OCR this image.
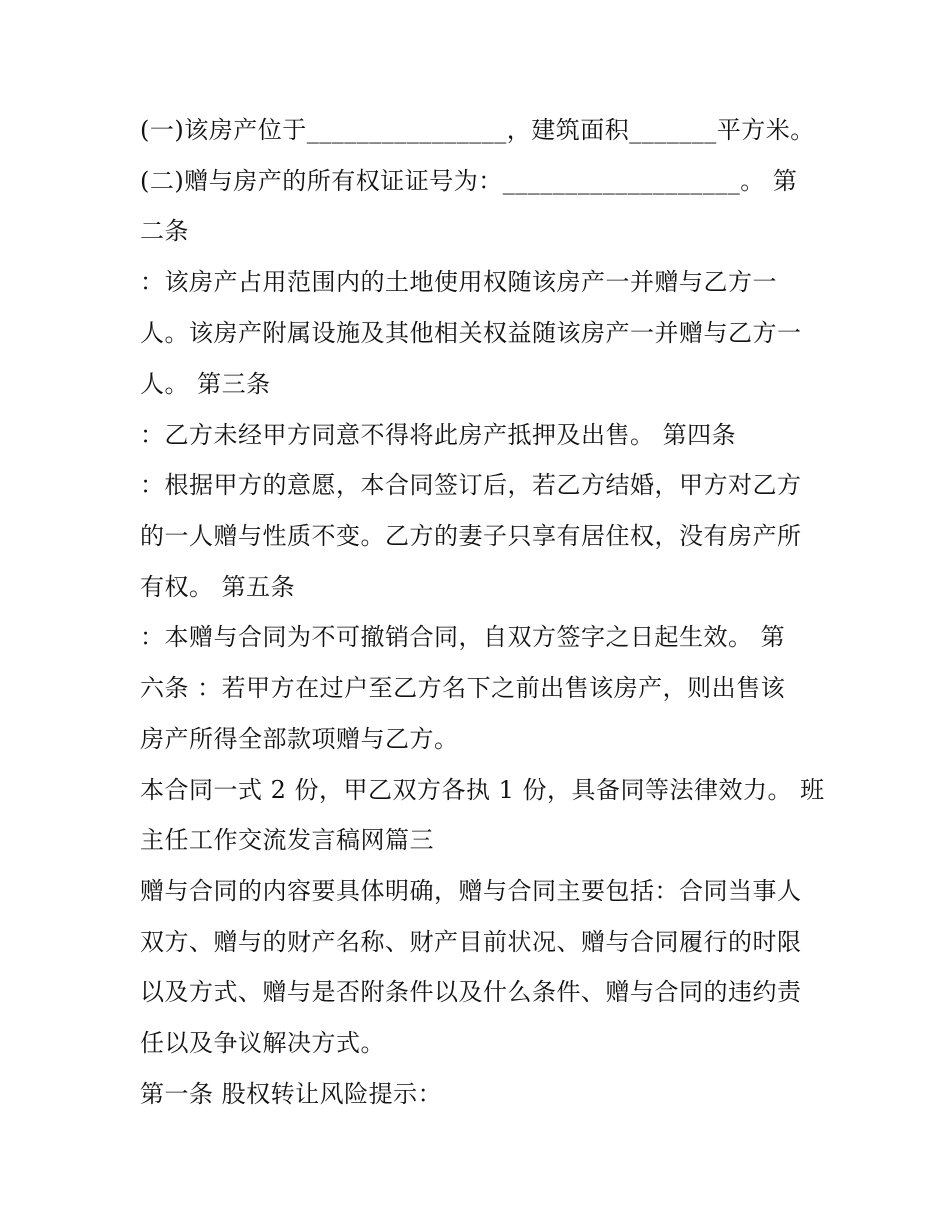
(一)该房产位于________________，建筑面积_______平方米。
(二)赠与房产的所有权证证号为：___________________。 第
二条
：该房产占用范围内的土地使用权随该房产一并赠与乙方一
人。该房产附属设施及其他相关权益随该房产一并赠与乙方一
人。 第三条
：乙方未经甲方同意不得将此房产抵押及出售。 第四条
：根据甲方的意愿，本合同签订后，若乙方结婚，甲方对乙方
的一人赠与性质不变。乙方的妻子只享有居住权，没有房产所
有权。 第五条
：本赠与合同为不可撤销合同，自双方签字之日起生效。 第
六条 ：若甲方在过户至乙方名下之前出售该房产，则出售该
房产所得全部款项赠与乙方。
本合同一式 2 份，甲乙双方各执 1 份，具备同等法律效力。 班
主任工作交流发言稿网篇三
赠与合同的内容要具体明确，赠与合同主要包括：合同当事人
双方、赠与的财产名称、财产目前状况、赠与合同履行的时限
以及方式、赠与是否附条件以及什么条件、赠与合同的违约责
任以及争议解决方式。
第一条 股权转让风险提示：
